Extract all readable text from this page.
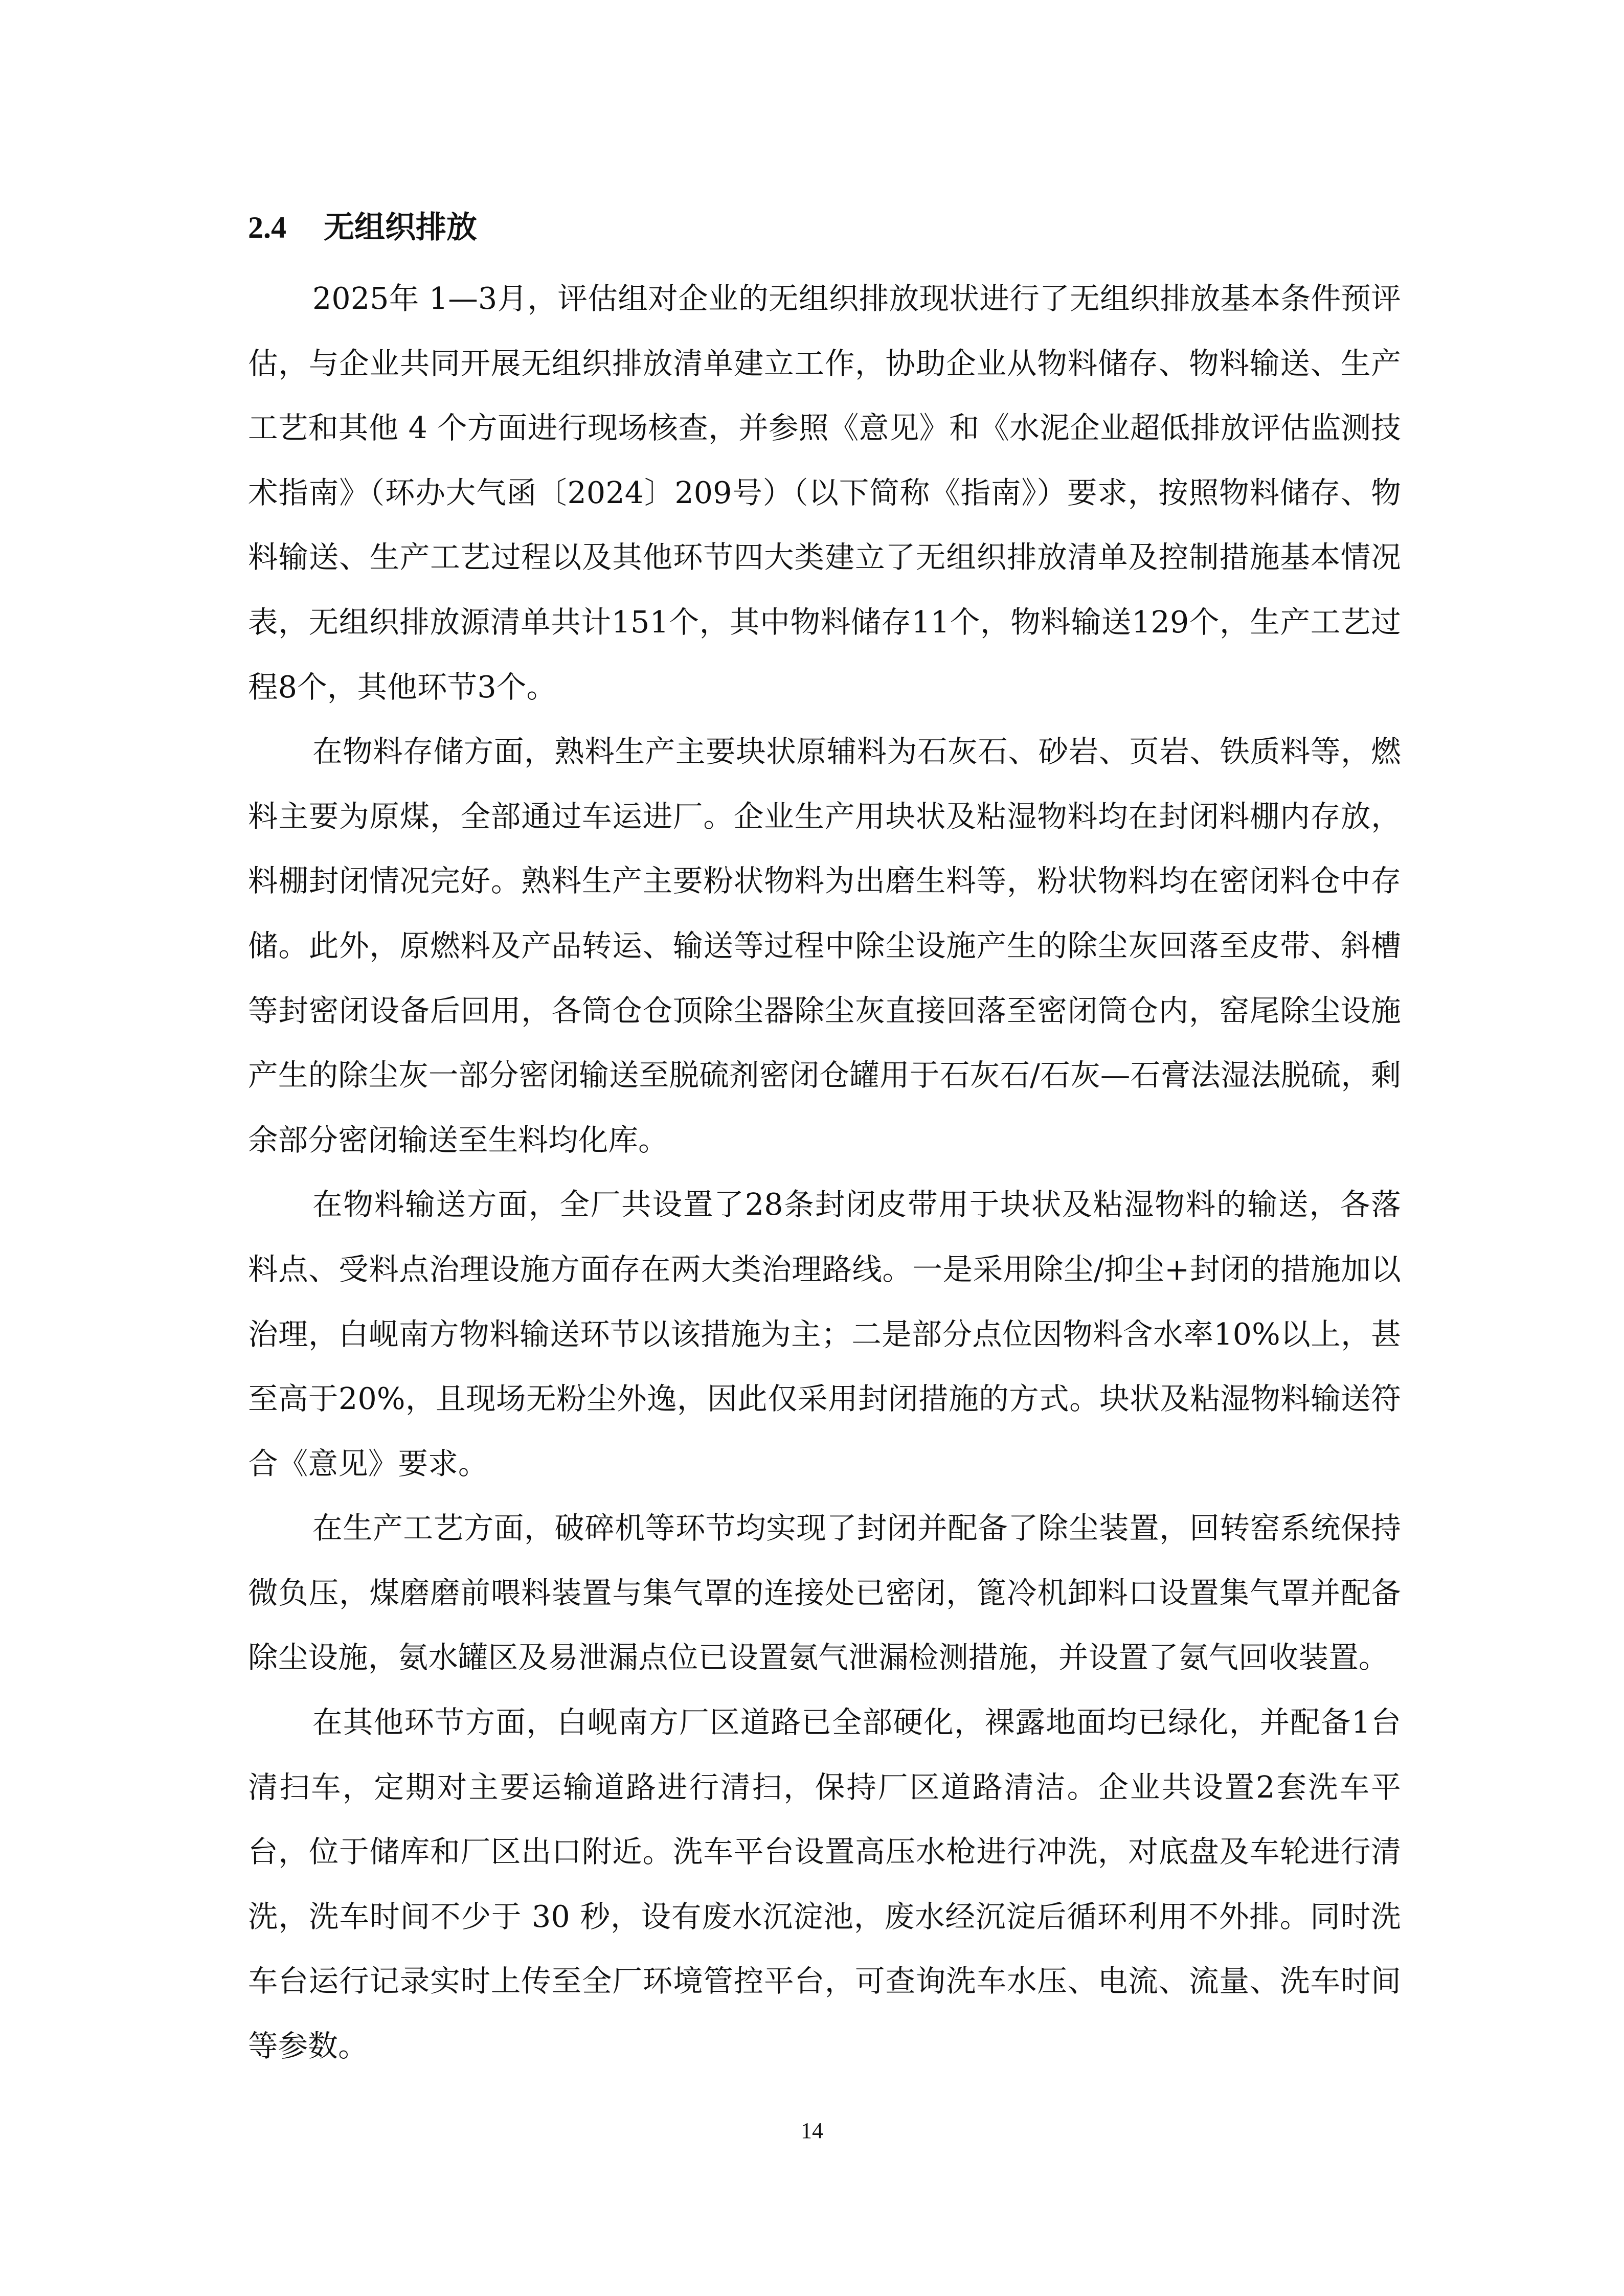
2.4	无组织排放

2025年 1—3月，评估组对企业的无组织排放现状进行了无组织排放基本条件预评估，与企业共同开展无组织排放清单建立工作，协助企业从物料储存、物料输送、生产工艺和其他 4 个方面进行现场核查，并参照《意见》和《水泥企业超低排放评估监测技术指南》（环办大气函〔2024〕209号）（以下简称《指南》）要求，按照物料储存、物料输送、生产工艺过程以及其他环节四大类建立了无组织排放清单及控制措施基本情况表，无组织排放源清单共计151个，其中物料储存11个，物料输送129个，生产工艺过程8个，其他环节3个。

在物料存储方面，熟料生产主要块状原辅料为石灰石、砂岩、页岩、铁质料等，燃料主要为原煤，全部通过车运进厂。企业生产用块状及粘湿物料均在封闭料棚内存放，料棚封闭情况完好。熟料生产主要粉状物料为出磨生料等，粉状物料均在密闭料仓中存储。此外，原燃料及产品转运、输送等过程中除尘设施产生的除尘灰回落至皮带、斜槽等封密闭设备后回用，各筒仓仓顶除尘器除尘灰直接回落至密闭筒仓内，窑尾除尘设施产生的除尘灰一部分密闭输送至脱硫剂密闭仓罐用于石灰石/石灰—石膏法湿法脱硫，剩余部分密闭输送至生料均化库。

在物料输送方面，全厂共设置了28条封闭皮带用于块状及粘湿物料的输送，各落料点、受料点治理设施方面存在两大类治理路线。一是采用除尘/抑尘+封闭的措施加以治理，白岘南方物料输送环节以该措施为主；二是部分点位因物料含水率10%以上，甚至高于20%，且现场无粉尘外逸，因此仅采用封闭措施的方式。块状及粘湿物料输送符合《意见》要求。

在生产工艺方面，破碎机等环节均实现了封闭并配备了除尘装置，回转窑系统保持微负压，煤磨磨前喂料装置与集气罩的连接处已密闭，篦冷机卸料口设置集气罩并配备除尘设施，氨水罐区及易泄漏点位已设置氨气泄漏检测措施，并设置了氨气回收装置。

在其他环节方面，白岘南方厂区道路已全部硬化，裸露地面均已绿化，并配备1台清扫车，定期对主要运输道路进行清扫，保持厂区道路清洁。企业共设置2套洗车平台，位于储库和厂区出口附近。洗车平台设置高压水枪进行冲洗，对底盘及车轮进行清洗，洗车时间不少于 30 秒，设有废水沉淀池，废水经沉淀后循环利用不外排。同时洗车台运行记录实时上传至全厂环境管控平台，可查询洗车水压、电流、流量、洗车时间等参数。

14
